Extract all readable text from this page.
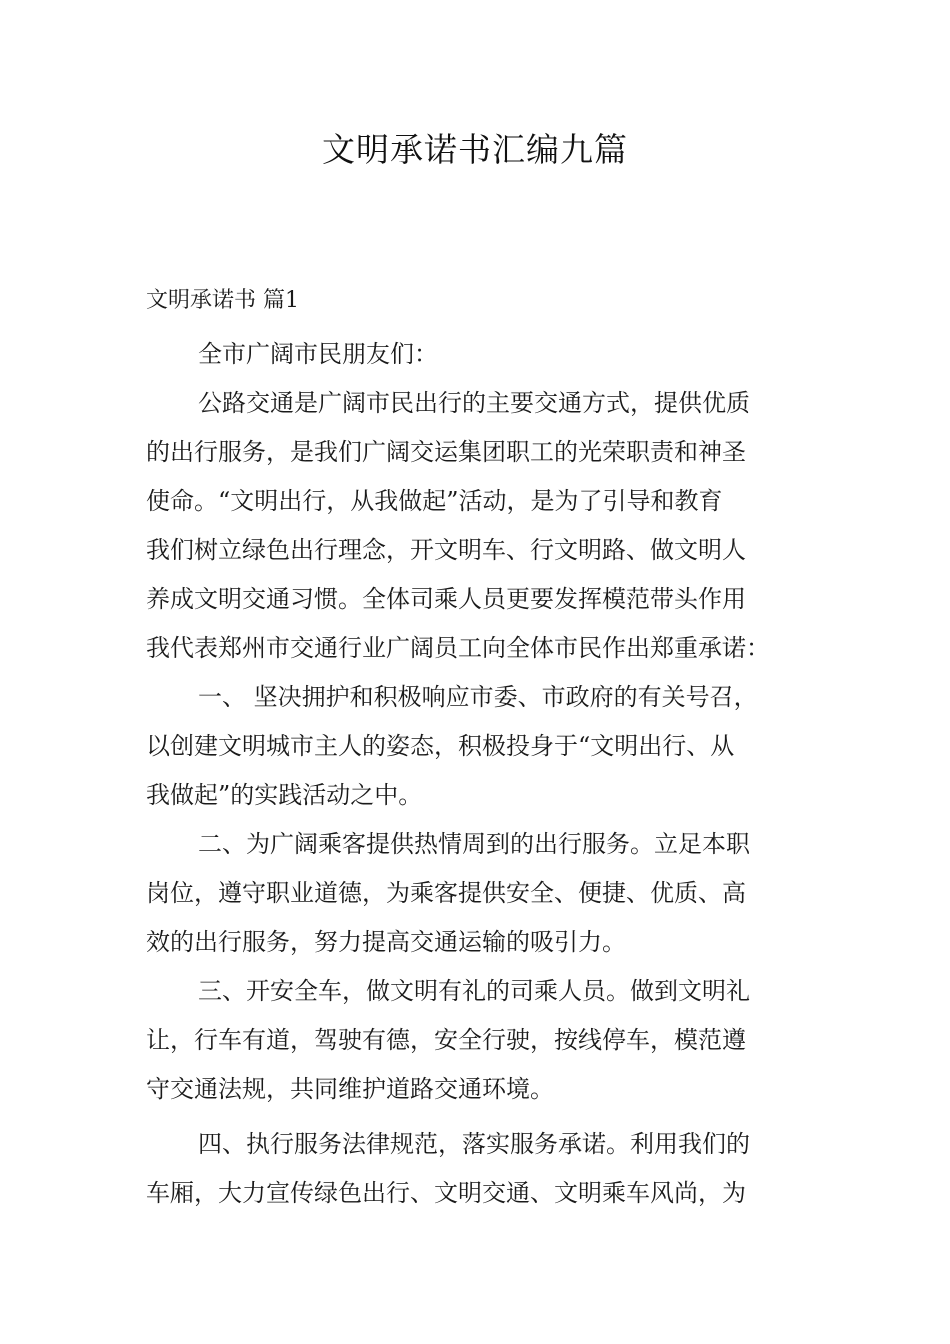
文明承诺书汇编九篇

文明承诺书 篇1

全市广阔市民朋友们：

公路交通是广阔市民出行的主要交通方式，提供优质
的出行服务，是我们广阔交运集团职工的光荣职责和神圣
使命。“文明出行，从我做起”活动，是为了引导和教育
我们树立绿色出行理念，开文明车、行文明路、做文明人
养成文明交通习惯。全体司乘人员更要发挥模范带头作用
我代表郑州市交通行业广阔员工向全体市民作出郑重承诺：

一、 坚决拥护和积极响应市委、市政府的有关号召，
以创建文明城市主人的姿态，积极投身于“文明出行、从
我做起”的实践活动之中。

二、为广阔乘客提供热情周到的出行服务。立足本职
岗位，遵守职业道德，为乘客提供安全、便捷、优质、高
效的出行服务，努力提高交通运输的吸引力。

三、开安全车，做文明有礼的司乘人员。做到文明礼
让，行车有道，驾驶有德，安全行驶，按线停车，模范遵
守交通法规，共同维护道路交通环境。

四、执行服务法律规范，落实服务承诺。利用我们的
车厢，大力宣传绿色出行、文明交通、文明乘车风尚，为
